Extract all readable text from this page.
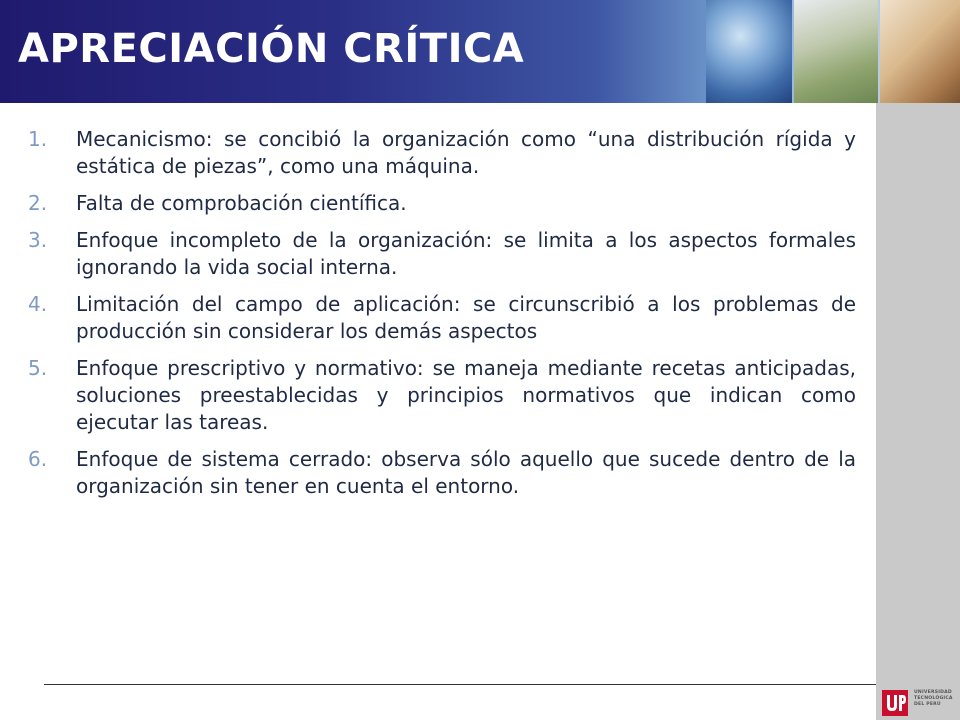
APRECIACIÓN CRÍTICA
1. Mecanicismo: se concibió la organización como “una distribución rígida y estática de piezas”, como una máquina.
2. Falta de comprobación científica.
3. Enfoque incompleto de la organización: se limita a los aspectos formales ignorando la vida social interna.
4. Limitación del campo de aplicación: se circunscribió a los problemas de producción sin considerar los demás aspectos
5. Enfoque prescriptivo y normativo: se maneja mediante recetas anticipadas, soluciones preestablecidas y principios normativos que indican como ejecutar las tareas.
6. Enfoque de sistema cerrado: observa sólo aquello que sucede dentro de la organización sin tener en cuenta el entorno.
UNIVERSIDAD
TECNOLÓGICA
DEL PERÚ
